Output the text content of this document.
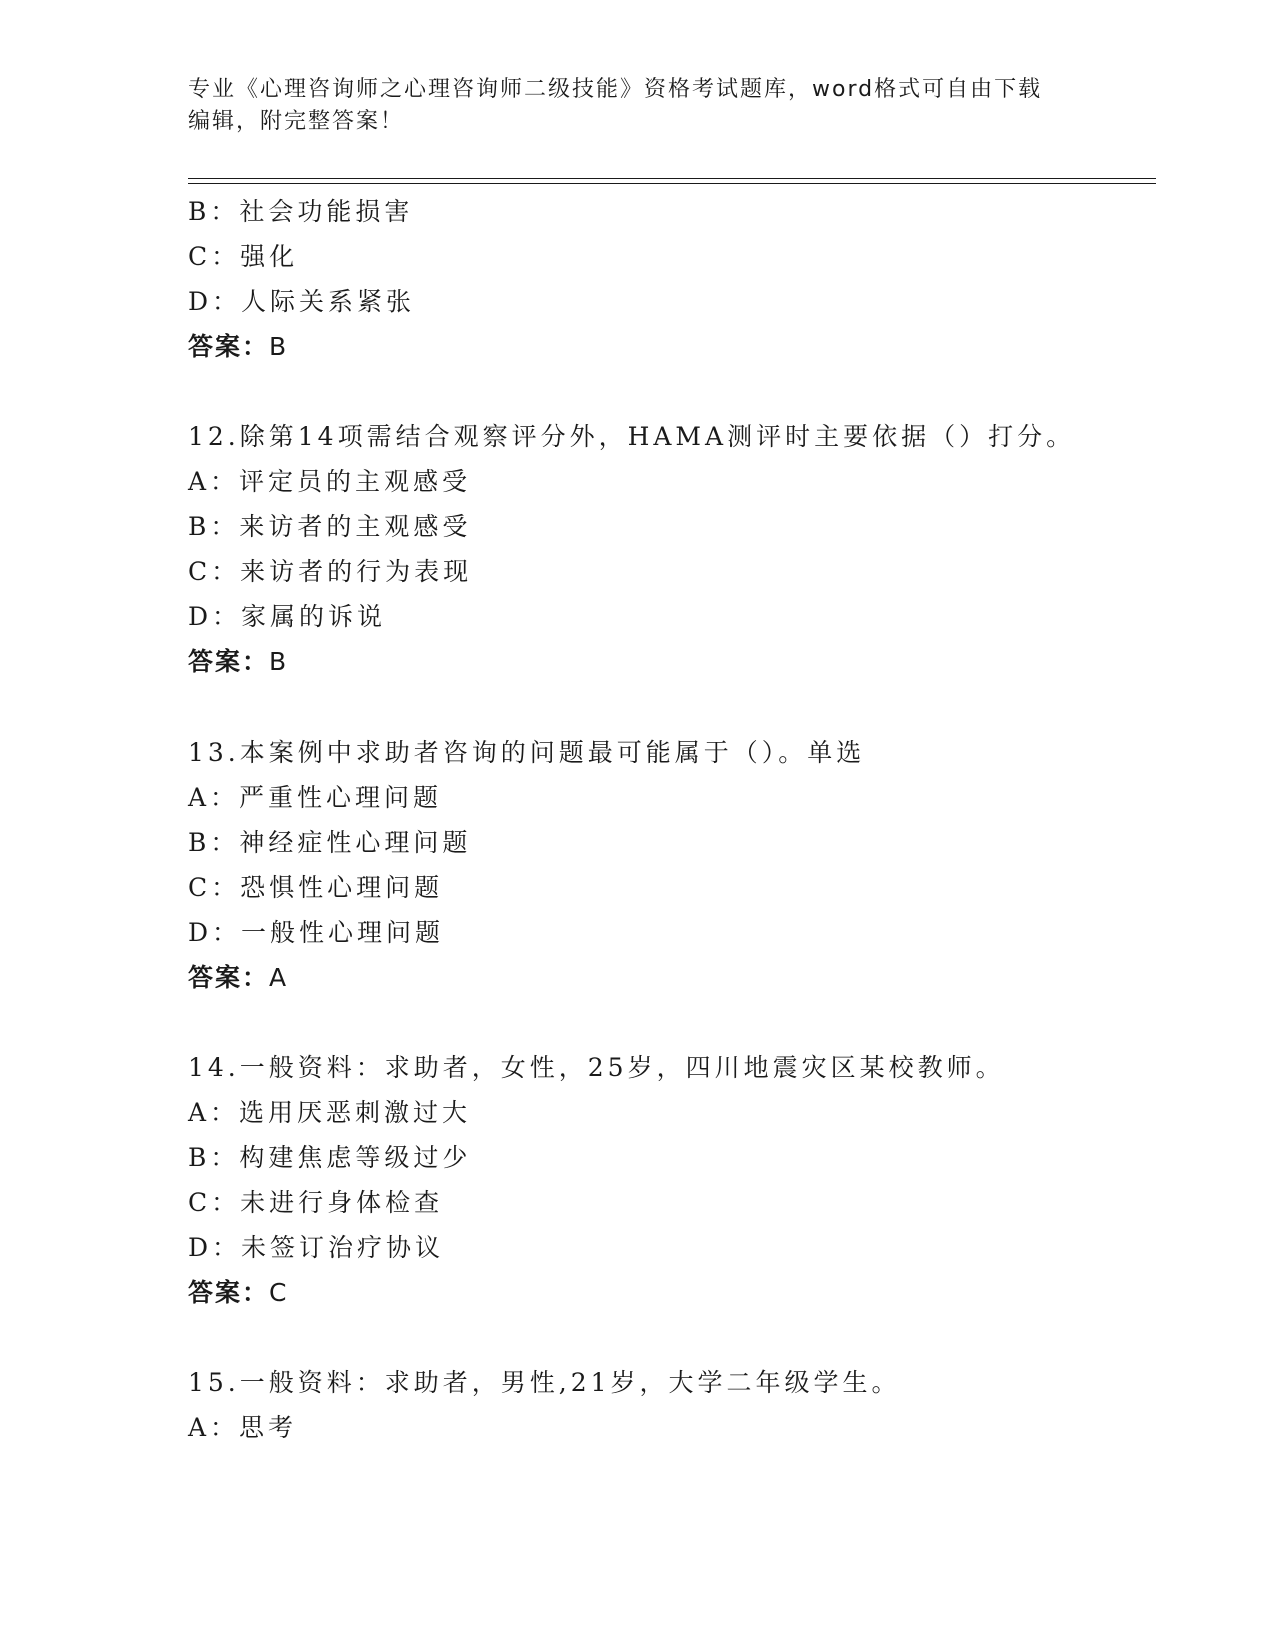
专业《心理咨询师之心理咨询师二级技能》资格考试题库，word格式可自由下载
编辑，附完整答案！
B：社会功能损害
C：强化
D：人际关系紧张
答案：B
12.除第14项需结合观察评分外，HAMA测评时主要依据（）打分。
A：评定员的主观感受
B：来访者的主观感受
C：来访者的行为表现
D：家属的诉说
答案：B
13.本案例中求助者咨询的问题最可能属于（）。单选
A：严重性心理问题
B：神经症性心理问题
C：恐惧性心理问题
D：一般性心理问题
答案：A
14.一般资料：求助者，女性，25岁，四川地震灾区某校教师。
A：选用厌恶刺激过大
B：构建焦虑等级过少
C：未进行身体检查
D：未签订治疗协议
答案：C
15.一般资料：求助者，男性,21岁，大学二年级学生。
A：思考
